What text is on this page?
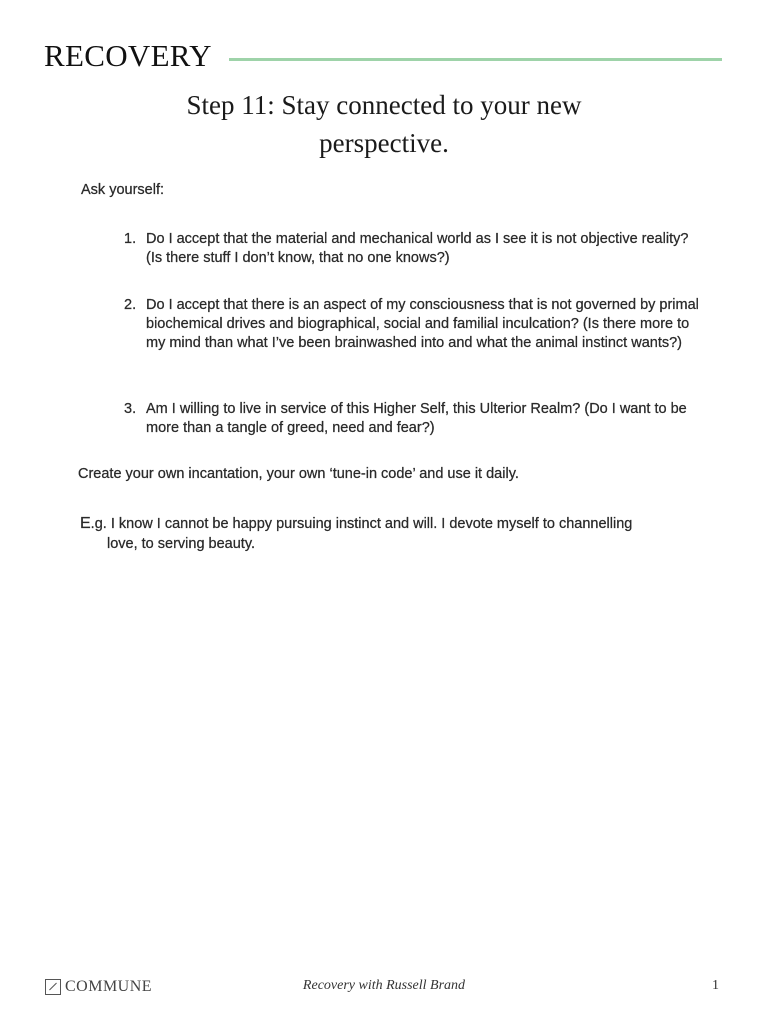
RECOVERY
Step 11: Stay connected to your new
perspective.
Ask yourself:
1. Do I accept that the material and mechanical world as I see it is not objective reality? (Is there stuff I don’t know, that no one knows?)
2. Do I accept that there is an aspect of my consciousness that is not governed by primal biochemical drives and biographical, social and familial inculcation? (Is there more to my mind than what I’ve been brainwashed into and what the animal instinct wants?)
3. Am I willing to live in service of this Higher Self, this Ulterior Realm? (Do I want to be more than a tangle of greed, need and fear?)
Create your own incantation, your own ‘tune-in code’ and use it daily.
E.g. I know I cannot be happy pursuing instinct and will. I devote myself to channelling
love, to serving beauty.
COMMUNE	Recovery with Russell Brand	1
